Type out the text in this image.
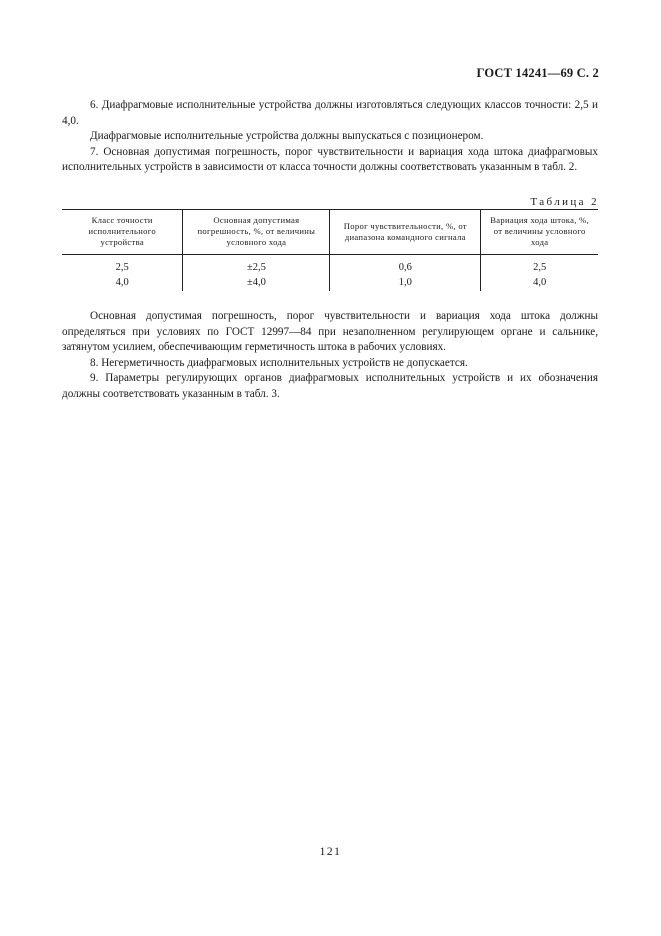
ГОСТ 14241—69 С. 2

6. Диафрагмовые исполнительные устройства должны изготовляться следующих классов точности: 2,5 и 4,0.

Диафрагмовые исполнительные устройства должны выпускаться с позиционером.

7. Основная допустимая погрешность, порог чувствительности и вариация хода штока диафрагмовых исполнительных устройств в зависимости от класса точности должны соответствовать указанным в табл. 2.

Таблица 2
Класс точности исполнительного устройства	Основная допустимая погрешность, %, от величины условного хода	Порог чувствительности, %, от диапазона командного сигнала	Вариация хода штока, %, от величины условного хода
2,5	±2,5	0,6	2,5
4,0	±4,0	1,0	4,0

Основная допустимая погрешность, порог чувствительности и вариация хода штока должны определяться при условиях по ГОСТ 12997—84 при незаполненном регулирующем органе и сальнике, затянутом усилием, обеспечивающим герметичность штока в рабочих условиях.

8. Негерметичность диафрагмовых исполнительных устройств не допускается.

9. Параметры регулирующих органов диафрагмовых исполнительных устройств и их обозначения должны соответствовать указанным в табл. 3.

121
